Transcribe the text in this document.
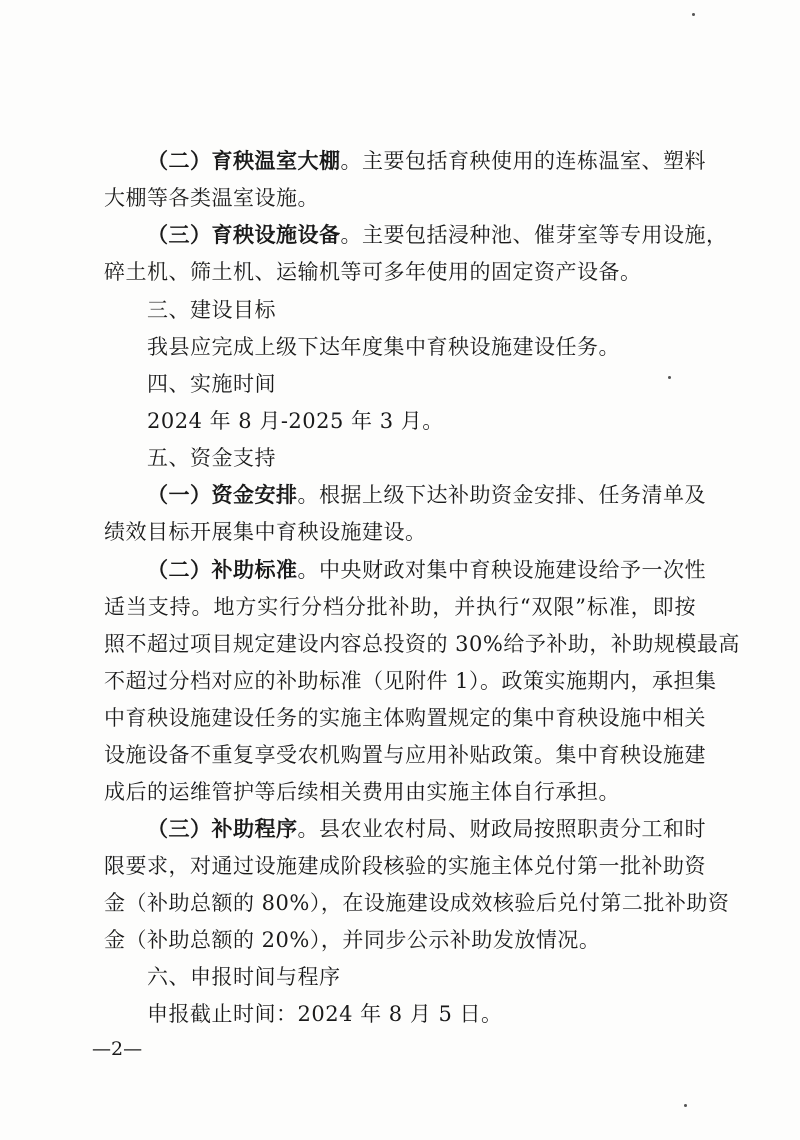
（二）育秧温室大棚。主要包括育秧使用的连栋温室、塑料
大棚等各类温室设施。
（三）育秧设施设备。主要包括浸种池、催芽室等专用设施，
碎土机、筛土机、运输机等可多年使用的固定资产设备。
三、建设目标
我县应完成上级下达年度集中育秧设施建设任务。
四、实施时间
2024 年 8 月-2025 年 3 月。
五、资金支持
（一）资金安排。根据上级下达补助资金安排、任务清单及
绩效目标开展集中育秧设施建设。
（二）补助标准。中央财政对集中育秧设施建设给予一次性
适当支持。地方实行分档分批补助，并执行“双限”标准，即按
照不超过项目规定建设内容总投资的 30%给予补助，补助规模最高
不超过分档对应的补助标准（见附件 1）。政策实施期内，承担集
中育秧设施建设任务的实施主体购置规定的集中育秧设施中相关
设施设备不重复享受农机购置与应用补贴政策。集中育秧设施建
成后的运维管护等后续相关费用由实施主体自行承担。
（三）补助程序。县农业农村局、财政局按照职责分工和时
限要求，对通过设施建成阶段核验的实施主体兑付第一批补助资
金（补助总额的 80%），在设施建设成效核验后兑付第二批补助资
金（补助总额的 20%），并同步公示补助发放情况。
六、申报时间与程序
申报截止时间：2024 年 8 月 5 日。
—2—
